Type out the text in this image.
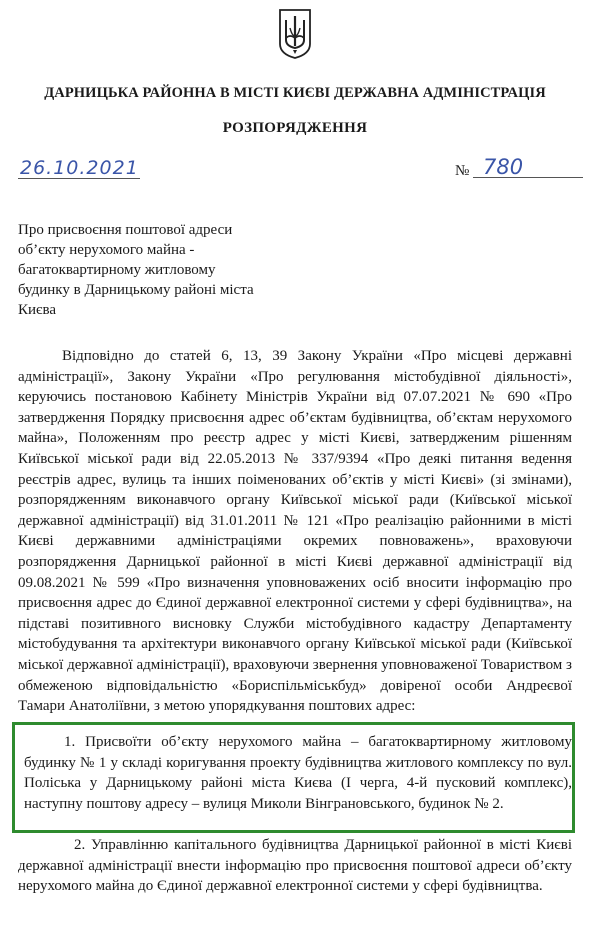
ДАРНИЦЬКА РАЙОННА В МІСТІ КИЄВІ ДЕРЖАВНА АДМІНІСТРАЦІЯ
РОЗПОРЯДЖЕННЯ
26.10.2021	№ 780
Про присвоєння поштової адреси об’єкту нерухомого майна - багатоквартирному житловому будинку в Дарницькому районі міста Києва

Відповідно до статей 6, 13, 39 Закону України «Про місцеві державні адміністрації», Закону України «Про регулювання містобудівної діяльності», керуючись постановою Кабінету Міністрів України від 07.07.2021 № 690 «Про затвердження Порядку присвоєння адрес об’єктам будівництва, об’єктам нерухомого майна», Положенням про реєстр адрес у місті Києві, затвердженим рішенням Київської міської ради від 22.05.2013 № 337/9394 «Про деякі питання ведення реєстрів адрес, вулиць та інших поіменованих об’єктів у місті Києві» (зі змінами), розпорядженням виконавчого органу Київської міської ради (Київської міської державної адміністрації) від 31.01.2011 № 121 «Про реалізацію районними в місті Києві державними адміністраціями окремих повноважень», враховуючи розпорядження Дарницької районної в місті Києві державної адміністрації від 09.08.2021 № 599 «Про визначення уповноважених осіб вносити інформацію про присвоєння адрес до Єдиної державної електронної системи у сфері будівництва», на підставі позитивного висновку Служби містобудівного кадастру Департаменту містобудування та архітектури виконавчого органу Київської міської ради (Київської міської державної адміністрації), враховуючи звернення уповноваженої Товариством з обмеженою відповідальністю «Бориспільміськбуд» довіреної особи Андреєвої Тамари Анатоліївни, з метою упорядкування поштових адрес:

1. Присвоїти об’єкту нерухомого майна – багатоквартирному житловому будинку № 1 у складі коригування проекту будівництва житлового комплексу по вул. Поліська у Дарницькому районі міста Києва (І черга, 4-й пусковий комплекс), наступну поштову адресу – вулиця Миколи Вінграновського, будинок № 2.

2. Управлінню капітального будівництва Дарницької районної в місті Києві державної адміністрації внести інформацію про присвоєння поштової адреси об’єкту нерухомого майна до Єдиної державної електронної системи у сфері будівництва.
